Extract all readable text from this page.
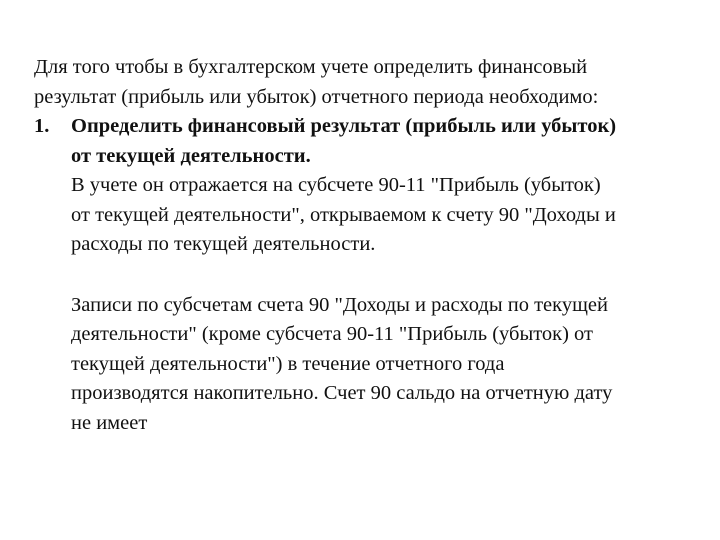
Для того чтобы в бухгалтерском учете определить финансовый
результат (прибыль или убыток) отчетного периода необходимо:
1. Определить финансовый результат (прибыль или убыток)
от текущей деятельности.
В учете он отражается на субсчете 90-11 "Прибыль (убыток)
от текущей деятельности", открываемом к счету 90 "Доходы и
расходы по текущей деятельности.
Записи по субсчетам счета 90 "Доходы и расходы по текущей
деятельности" (кроме субсчета 90-11 "Прибыль (убыток) от
текущей деятельности") в течение отчетного года
производятся накопительно. Счет 90 сальдо на отчетную дату
не имеет
